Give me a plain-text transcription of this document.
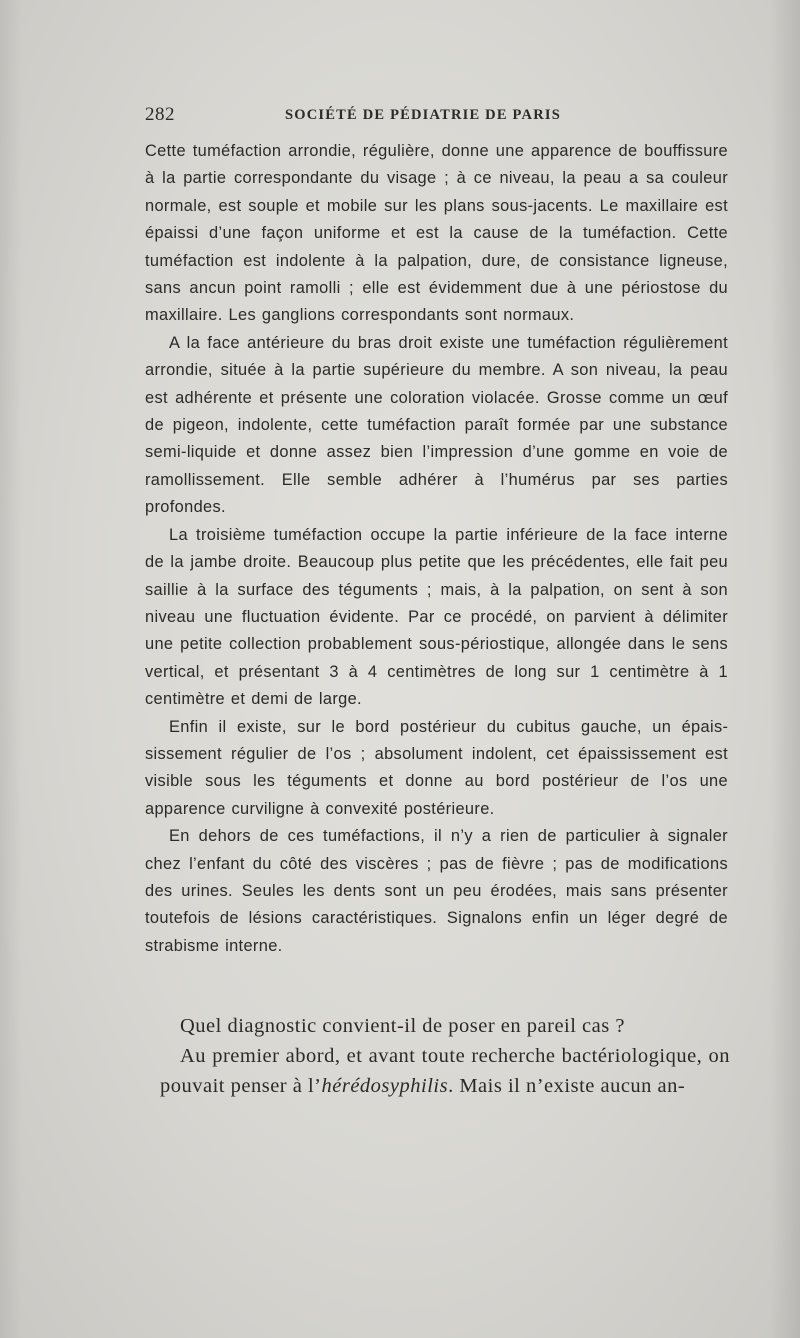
282	SOCIÉTÉ DE PÉDIATRIE DE PARIS

Cette tuméfaction arrondie, régulière, donne une apparence de bouffissure à la partie correspondante du visage ; à ce niveau, la peau a sa couleur normale, est souple et mobile sur les plans sous-jacents. Le maxillaire est épaissi d’une façon uniforme et est la cause de la tuméfaction. Cette tuméfaction est indolente à la palpation, dure, de consistance ligneuse, sans ancun point ramolli ; elle est évidemment due à une périostose du maxillaire. Les ganglions correspondants sont normaux.

A la face antérieure du bras droit existe une tuméfaction régulièrement arrondie, située à la partie supérieure du membre. A son niveau, la peau est adhérente et présente une coloration violacée. Grosse comme un œuf de pigeon, indolente, cette tuméfaction paraît formée par une substance semi-liquide et donne assez bien l’impression d’une gomme en voie de ramollissement. Elle semble adhérer à l’humérus par ses parties profondes.

La troisième tuméfaction occupe la partie inférieure de la face interne de la jambe droite. Beaucoup plus petite que les précédentes, elle fait peu saillie à la surface des téguments ; mais, à la palpation, on sent à son niveau une fluctuation évidente. Par ce procédé, on parvient à délimiter une petite collection probablement sous-périostique, allongée dans le sens vertical, et présentant 3 à 4 centimètres de long sur 1 centimètre à 1 centimètre et demi de large.

Enfin il existe, sur le bord postérieur du cubitus gauche, un épaississement régulier de l’os ; absolument indolent, cet épaississement est visible sous les téguments et donne au bord postérieur de l’os une apparence curviligne à convexité postérieure.

En dehors de ces tuméfactions, il n’y a rien de particulier à signaler chez l’enfant du côté des viscères ; pas de fièvre ; pas de modifications des urines. Seules les dents sont un peu érodées, mais sans présenter toutefois de lésions caractéristiques. Signalons enfin un léger degré de strabisme interne.

Quel diagnostic convient-il de poser en pareil cas ?

Au premier abord, et avant toute recherche bactériologique, on pouvait penser à l’hérédosyphilis. Mais il n’existe aucun an-
